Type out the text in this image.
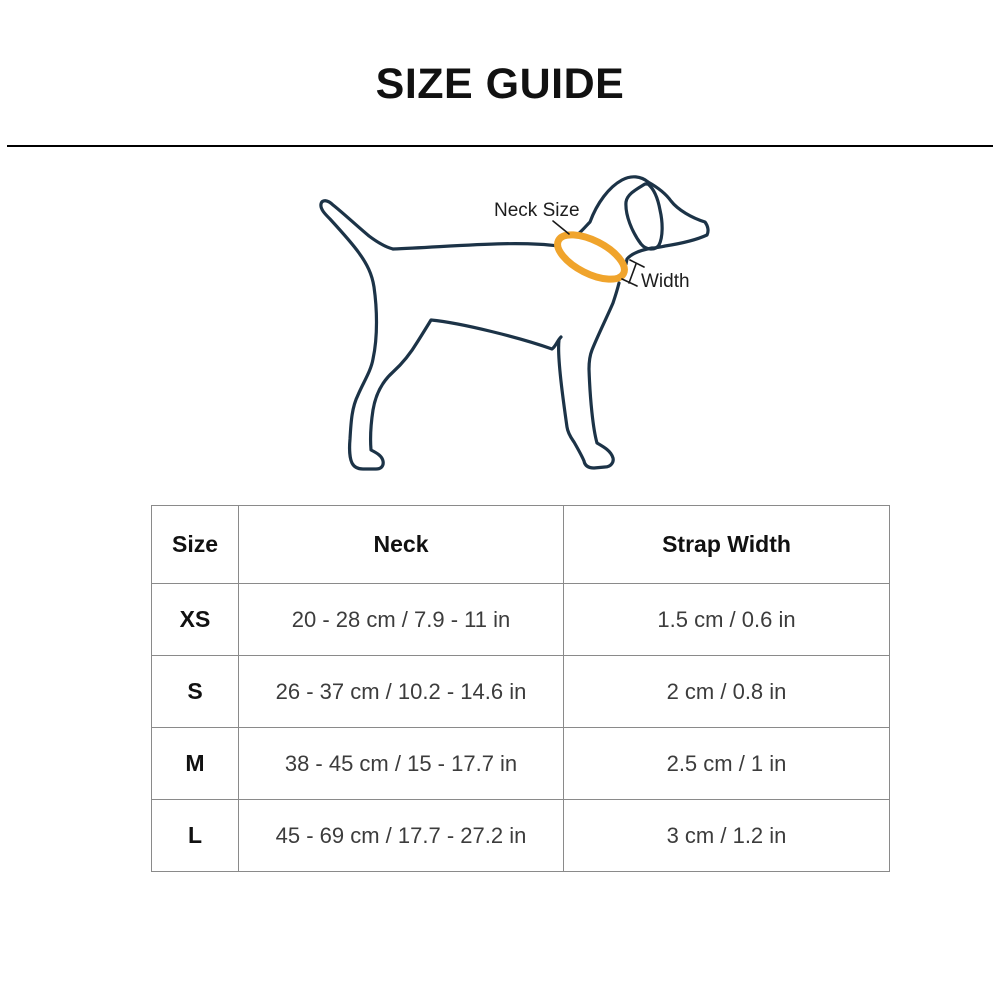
SIZE GUIDE
Neck Size
Width
Size	Neck	Strap Width
XS	20 - 28 cm / 7.9 - 11 in	1.5 cm / 0.6 in
S	26 - 37 cm / 10.2 - 14.6 in	2 cm / 0.8 in
M	38 - 45 cm / 15 - 17.7 in	2.5 cm / 1 in
L	45 - 69 cm / 17.7 - 27.2 in	3 cm / 1.2 in
